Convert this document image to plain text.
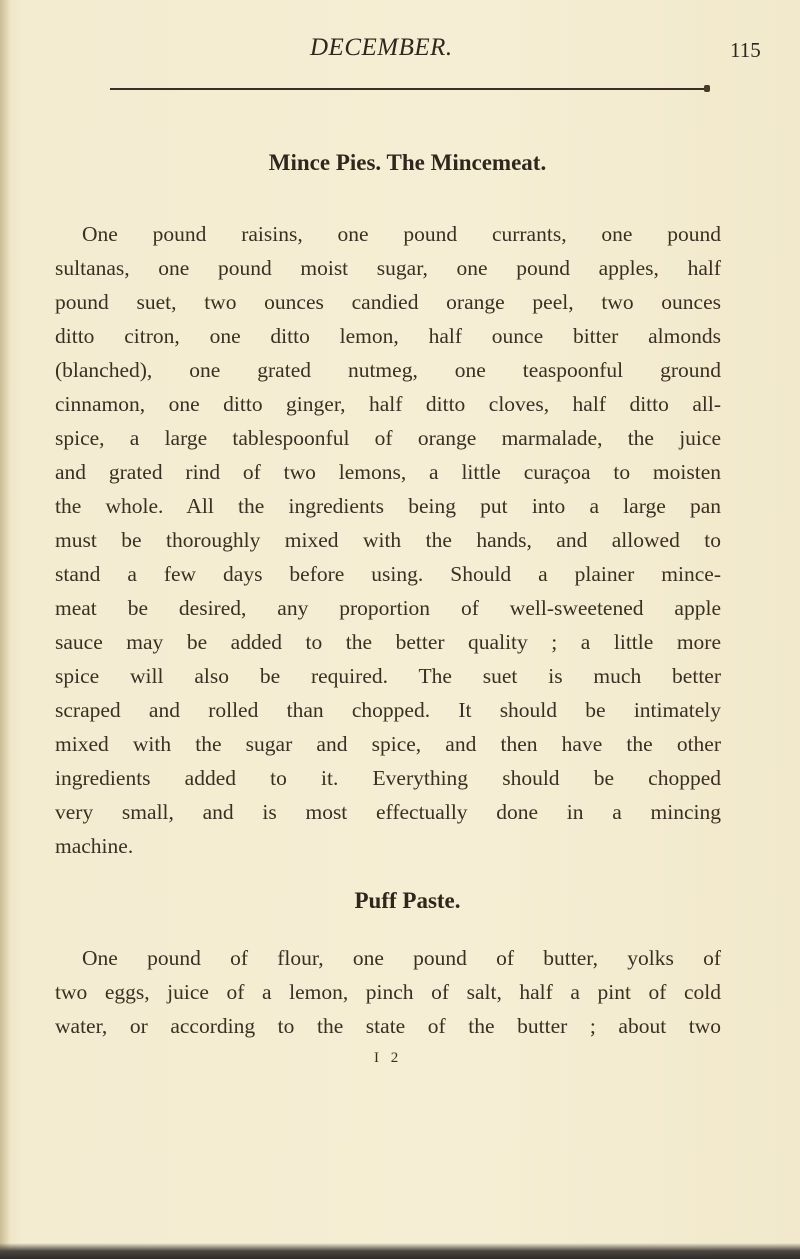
DECEMBER.	115
Mince Pies. The Mincemeat.
One pound raisins, one pound currants, one pound
sultanas, one pound moist sugar, one pound apples, half
pound suet, two ounces candied orange peel, two ounces
ditto citron, one ditto lemon, half ounce bitter almonds
(blanched), one grated nutmeg, one teaspoonful ground
cinnamon, one ditto ginger, half ditto cloves, half ditto all-
spice, a large tablespoonful of orange marmalade, the juice
and grated rind of two lemons, a little curaçoa to moisten
the whole. All the ingredients being put into a large pan
must be thoroughly mixed with the hands, and allowed to
stand a few days before using. Should a plainer mince-
meat be desired, any proportion of well-sweetened apple
sauce may be added to the better quality ; a little more
spice will also be required. The suet is much better
scraped and rolled than chopped. It should be intimately
mixed with the sugar and spice, and then have the other
ingredients added to it. Everything should be chopped
very small, and is most effectually done in a mincing
machine.
Puff Paste.
One pound of flour, one pound of butter, yolks of
two eggs, juice of a lemon, pinch of salt, half a pint of cold
water, or according to the state of the butter ; about two
I 2
